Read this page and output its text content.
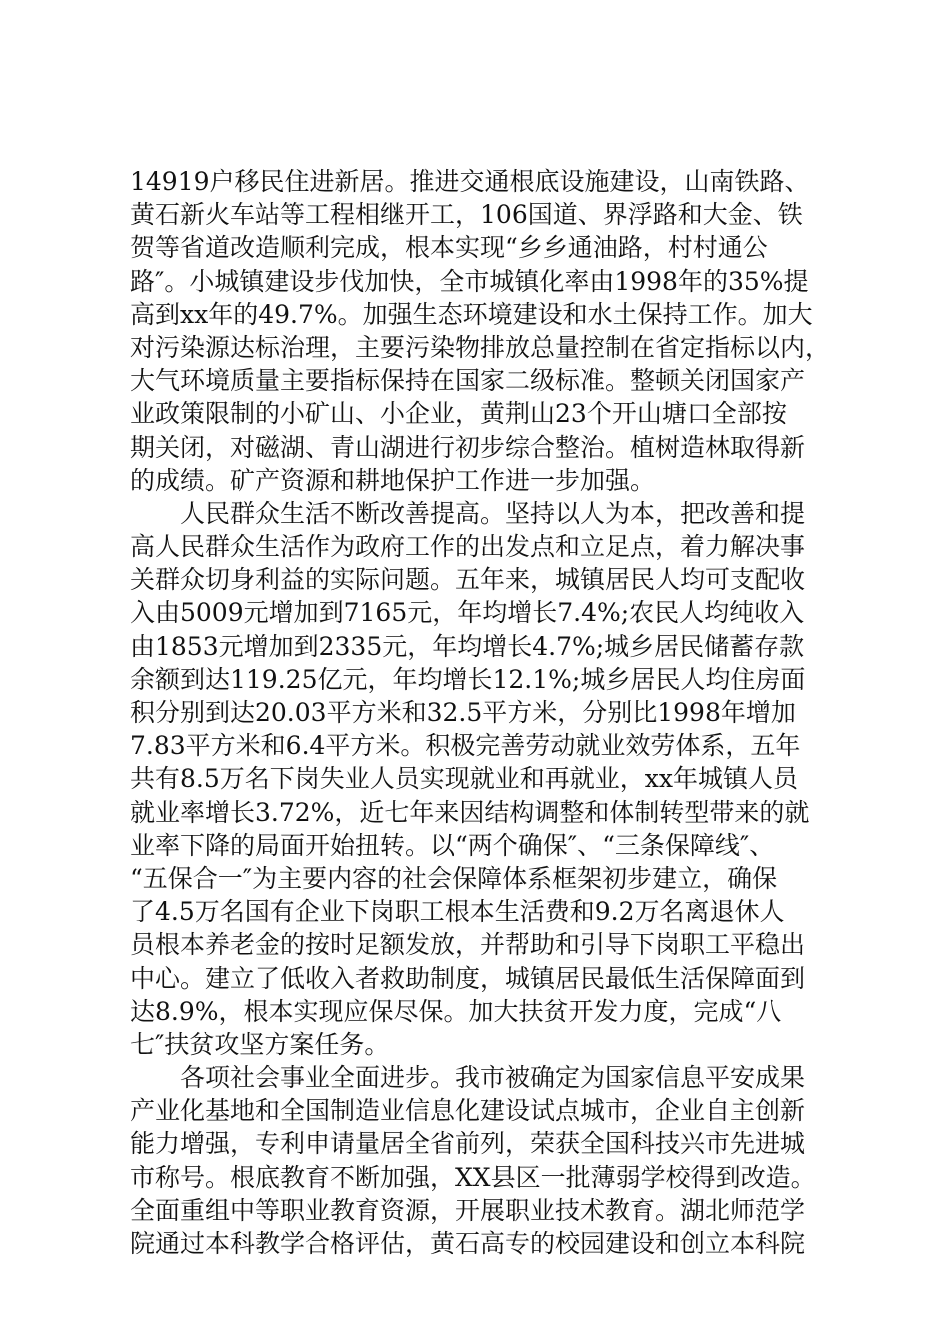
14919户移民住进新居。推进交通根底设施建设，山南铁路、
黄石新火车站等工程相继开工，106国道、界浮路和大金、铁
贺等省道改造顺利完成，根本实现“乡乡通油路，村村通公
路″。小城镇建设步伐加快，全市城镇化率由1998年的35%提
高到xx年的49.7%。加强生态环境建设和水土保持工作。加大
对污染源达标治理，主要污染物排放总量控制在省定指标以内，
大气环境质量主要指标保持在国家二级标准。整顿关闭国家产
业政策限制的小矿山、小企业，黄荆山23个开山塘口全部按
期关闭，对磁湖、青山湖进行初步综合整治。植树造林取得新
的成绩。矿产资源和耕地保护工作进一步加强。
人民群众生活不断改善提高。坚持以人为本，把改善和提
高人民群众生活作为政府工作的出发点和立足点，着力解决事
关群众切身利益的实际问题。五年来，城镇居民人均可支配收
入由5009元增加到7165元，年均增长7.4%;农民人均纯收入
由1853元增加到2335元，年均增长4.7%;城乡居民储蓄存款
余额到达119.25亿元，年均增长12.1%;城乡居民人均住房面
积分别到达20.03平方米和32.5平方米，分别比1998年增加
7.83平方米和6.4平方米。积极完善劳动就业效劳体系，五年
共有8.5万名下岗失业人员实现就业和再就业，xx年城镇人员
就业率增长3.72%，近七年来因结构调整和体制转型带来的就
业率下降的局面开始扭转。以“两个确保″、“三条保障线″、
“五保合一″为主要内容的社会保障体系框架初步建立，确保
了4.5万名国有企业下岗职工根本生活费和9.2万名离退休人
员根本养老金的按时足额发放，并帮助和引导下岗职工平稳出
中心。建立了低收入者救助制度，城镇居民最低生活保障面到
达8.9%，根本实现应保尽保。加大扶贫开发力度，完成“八
七″扶贫攻坚方案任务。
各项社会事业全面进步。我市被确定为国家信息平安成果
产业化基地和全国制造业信息化建设试点城市，企业自主创新
能力增强，专利申请量居全省前列，荣获全国科技兴市先进城
市称号。根底教育不断加强，XX县区一批薄弱学校得到改造。
全面重组中等职业教育资源，开展职业技术教育。湖北师范学
院通过本科教学合格评估，黄石高专的校园建设和创立本科院
